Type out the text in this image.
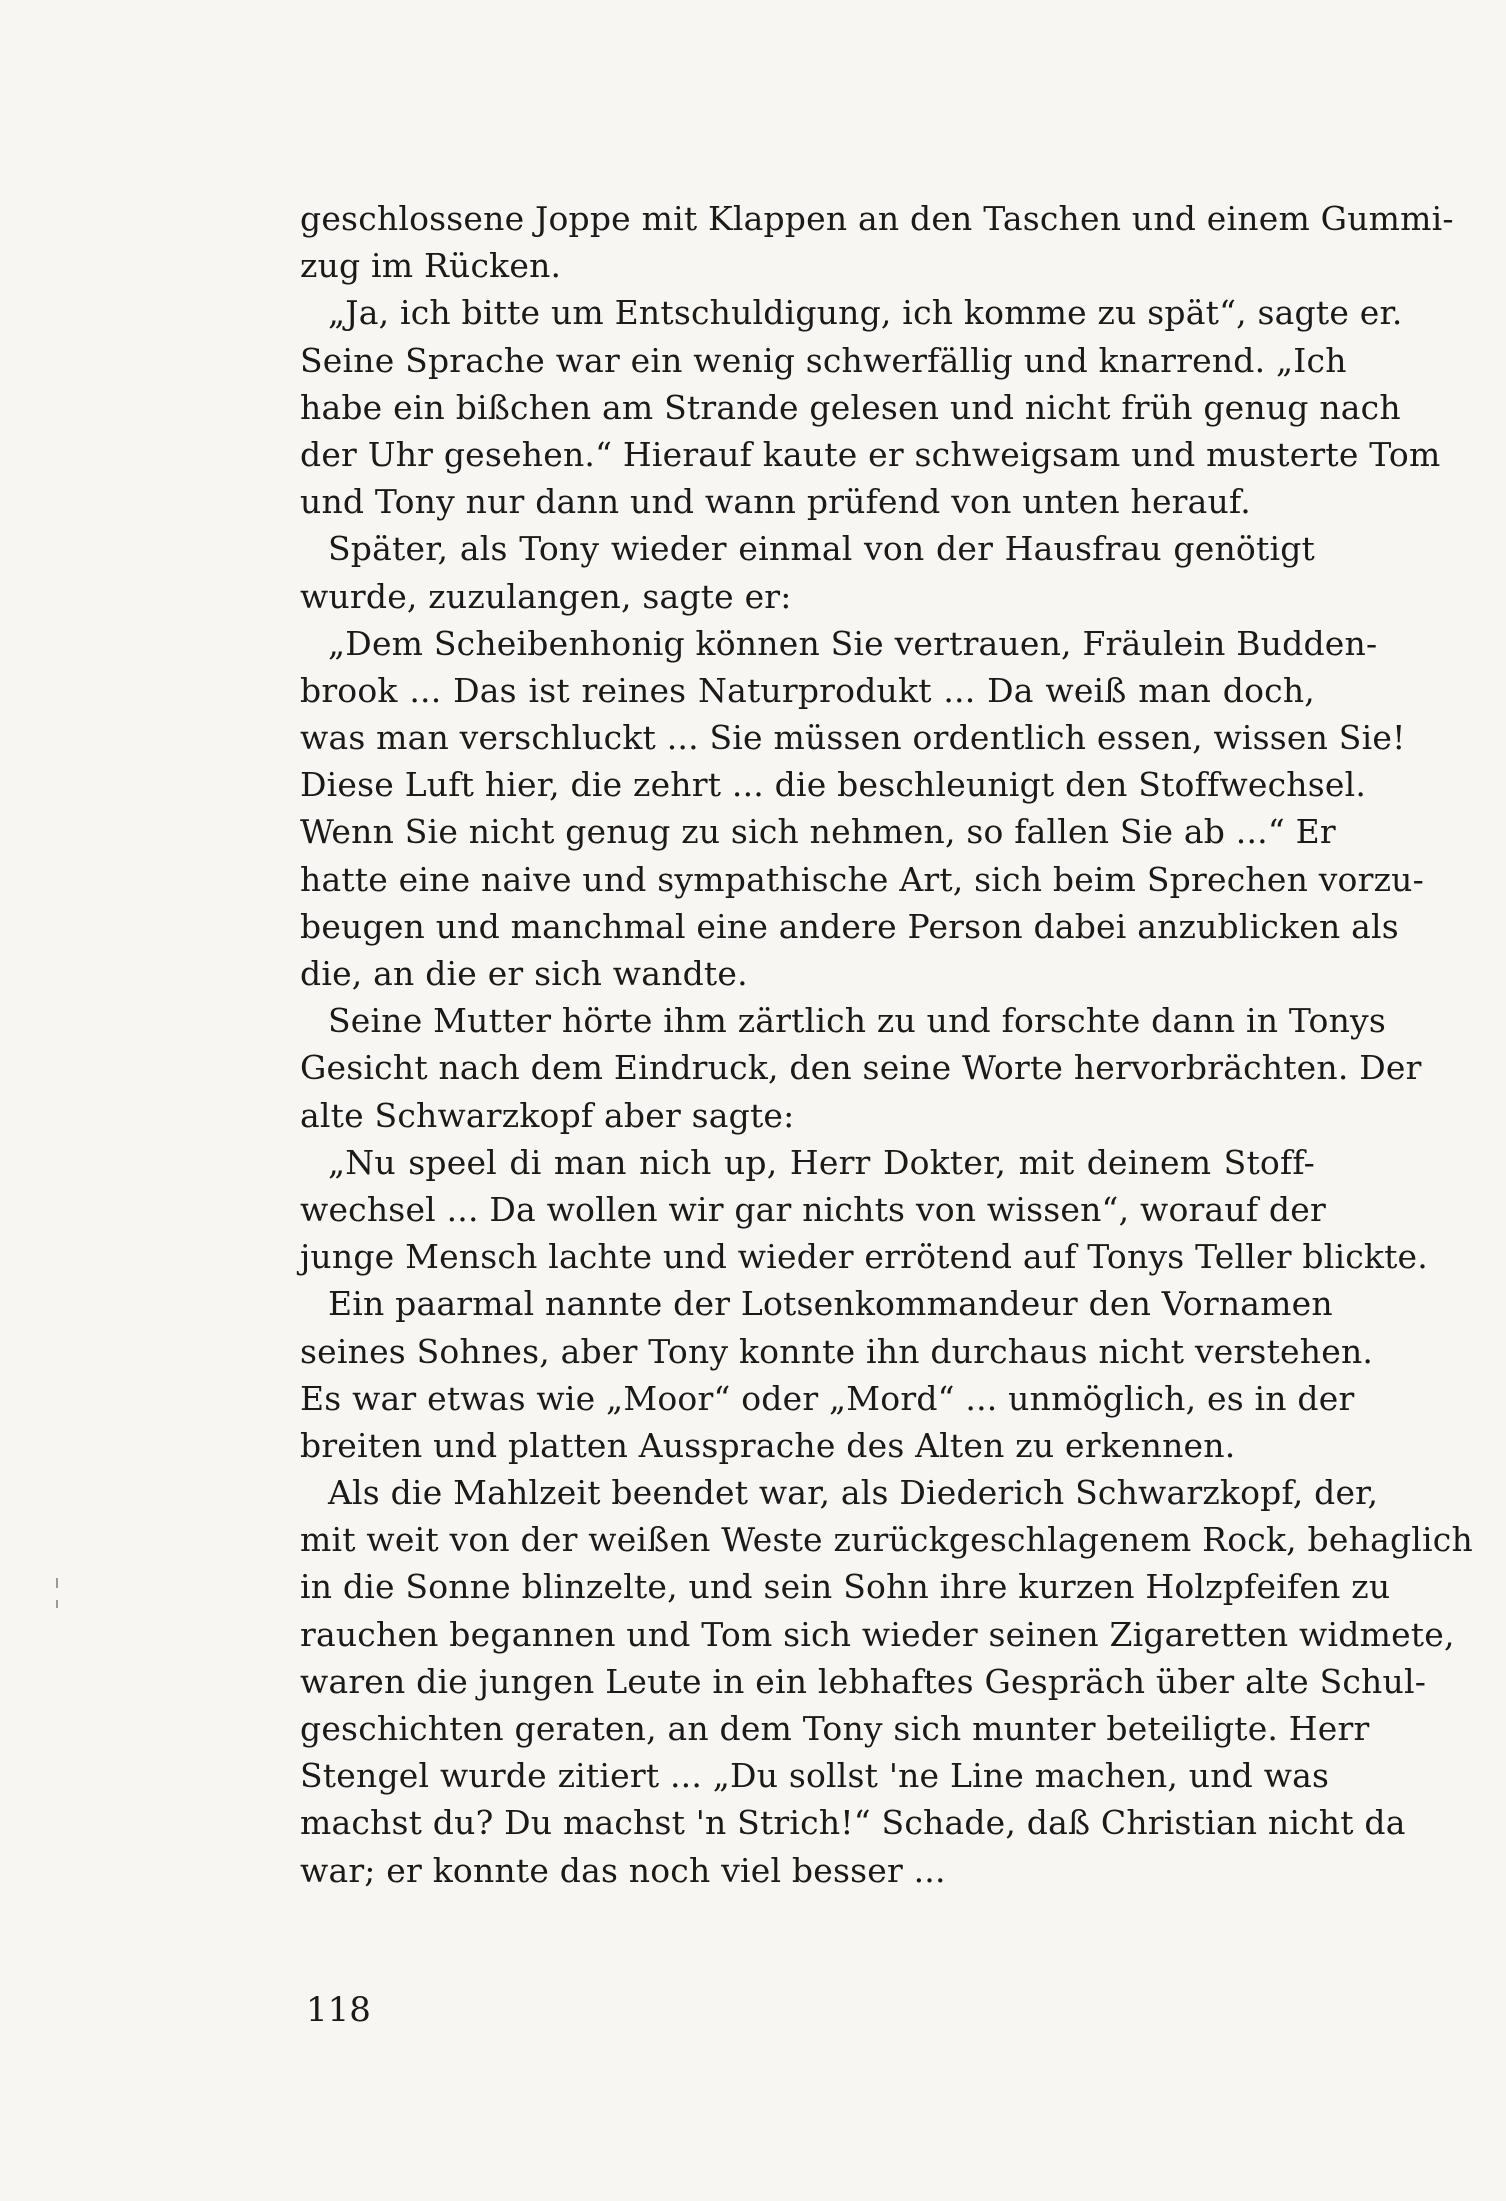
geschlossene Joppe mit Klappen an den Taschen und einem Gummi-
zug im Rücken.
„Ja, ich bitte um Entschuldigung, ich komme zu spät“, sagte er.
Seine Sprache war ein wenig schwerfällig und knarrend. „Ich
habe ein bißchen am Strande gelesen und nicht früh genug nach
der Uhr gesehen.“ Hierauf kaute er schweigsam und musterte Tom
und Tony nur dann und wann prüfend von unten herauf.
Später, als Tony wieder einmal von der Hausfrau genötigt
wurde, zuzulangen, sagte er:
„Dem Scheibenhonig können Sie vertrauen, Fräulein Budden-
brook ... Das ist reines Naturprodukt ... Da weiß man doch,
was man verschluckt ... Sie müssen ordentlich essen, wissen Sie!
Diese Luft hier, die zehrt ... die beschleunigt den Stoffwechsel.
Wenn Sie nicht genug zu sich nehmen, so fallen Sie ab ...“ Er
hatte eine naive und sympathische Art, sich beim Sprechen vorzu-
beugen und manchmal eine andere Person dabei anzublicken als
die, an die er sich wandte.
Seine Mutter hörte ihm zärtlich zu und forschte dann in Tonys
Gesicht nach dem Eindruck, den seine Worte hervorbrächten. Der
alte Schwarzkopf aber sagte:
„Nu speel di man nich up, Herr Dokter, mit deinem Stoff-
wechsel ... Da wollen wir gar nichts von wissen“, worauf der
junge Mensch lachte und wieder errötend auf Tonys Teller blickte.
Ein paarmal nannte der Lotsenkommandeur den Vornamen
seines Sohnes, aber Tony konnte ihn durchaus nicht verstehen.
Es war etwas wie „Moor“ oder „Mord“ ... unmöglich, es in der
breiten und platten Aussprache des Alten zu erkennen.
Als die Mahlzeit beendet war, als Diederich Schwarzkopf, der,
mit weit von der weißen Weste zurückgeschlagenem Rock, behaglich
in die Sonne blinzelte, und sein Sohn ihre kurzen Holzpfeifen zu
rauchen begannen und Tom sich wieder seinen Zigaretten widmete,
waren die jungen Leute in ein lebhaftes Gespräch über alte Schul-
geschichten geraten, an dem Tony sich munter beteiligte. Herr
Stengel wurde zitiert ... „Du sollst 'ne Line machen, und was
machst du? Du machst 'n Strich!“ Schade, daß Christian nicht da
war; er konnte das noch viel besser ...
118
